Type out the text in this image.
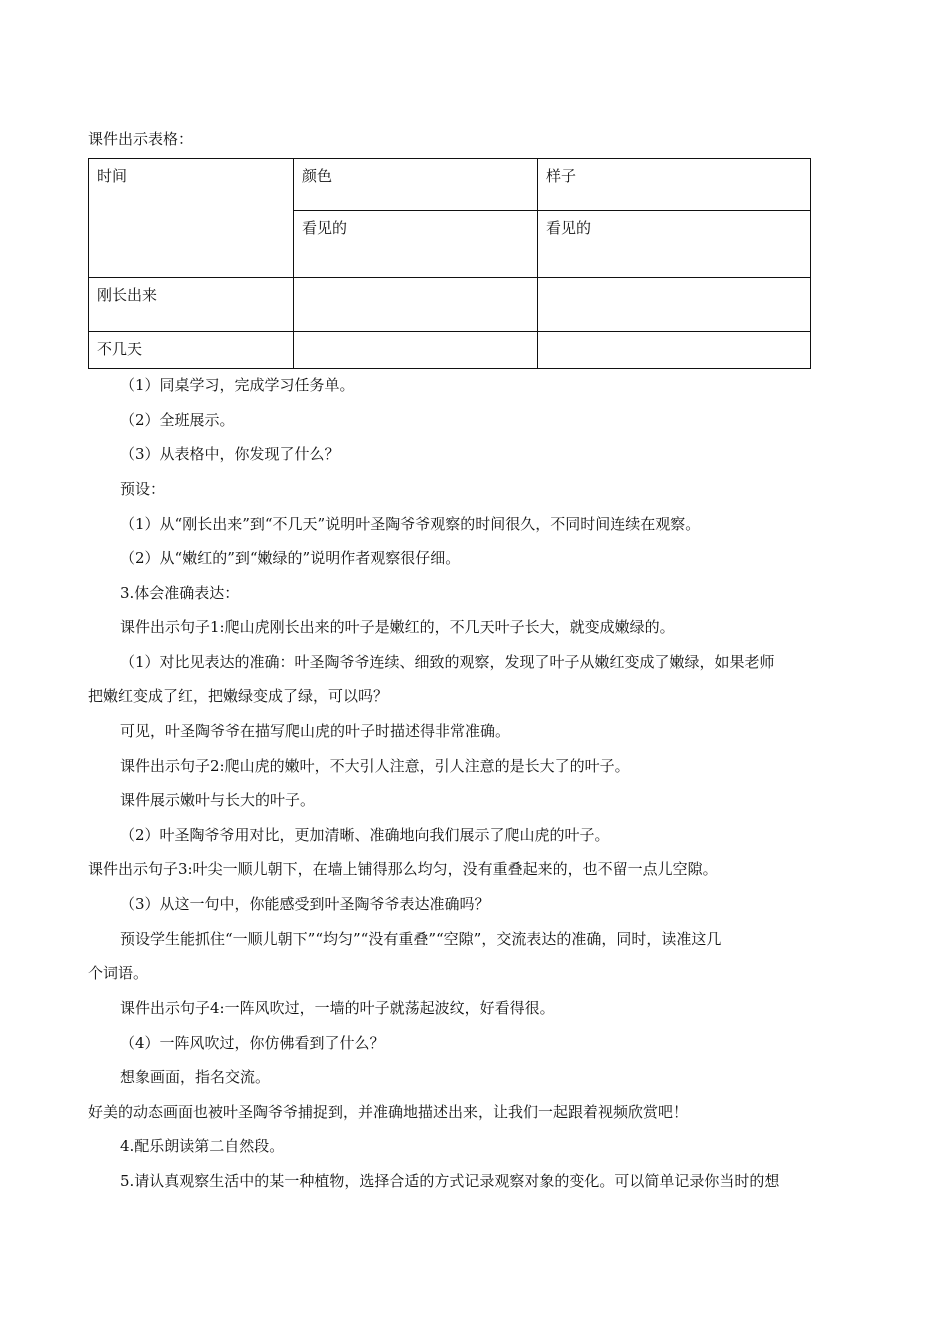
课件出示表格：
时间	颜色	样子
	看见的	看见的
刚长出来		
不几天		
（1）同桌学习，完成学习任务单。
（2）全班展示。
（3）从表格中，你发现了什么？
预设：
（1）从“刚长出来”到“不几天”说明叶圣陶爷爷观察的时间很久，不同时间连续在观察。
（2）从“嫩红的”到“嫩绿的”说明作者观察很仔细。
3.体会准确表达：
课件出示句子1:爬山虎刚长出来的叶子是嫩红的，不几天叶子长大，就变成嫩绿的。
（1）对比见表达的准确：叶圣陶爷爷连续、细致的观察，发现了叶子从嫩红变成了嫩绿，如果老师
把嫩红变成了红，把嫩绿变成了绿，可以吗？
可见，叶圣陶爷爷在描写爬山虎的叶子时描述得非常准确。
课件出示句子2:爬山虎的嫩叶，不大引人注意，引人注意的是长大了的叶子。
课件展示嫩叶与长大的叶子。
（2）叶圣陶爷爷用对比，更加清晰、准确地向我们展示了爬山虎的叶子。
课件出示句子3:叶尖一顺儿朝下，在墙上铺得那么均匀，没有重叠起来的，也不留一点儿空隙。
（3）从这一句中，你能感受到叶圣陶爷爷表达准确吗？
预设学生能抓住“一顺儿朝下”“均匀”“没有重叠”“空隙”，交流表达的准确，同时，读准这几
个词语。
课件出示句子4:一阵风吹过，一墙的叶子就荡起波纹，好看得很。
（4）一阵风吹过，你仿佛看到了什么？
想象画面，指名交流。
好美的动态画面也被叶圣陶爷爷捕捉到，并准确地描述出来，让我们一起跟着视频欣赏吧！
4.配乐朗读第二自然段。
5.请认真观察生活中的某一种植物，选择合适的方式记录观察对象的变化。可以简单记录你当时的想
